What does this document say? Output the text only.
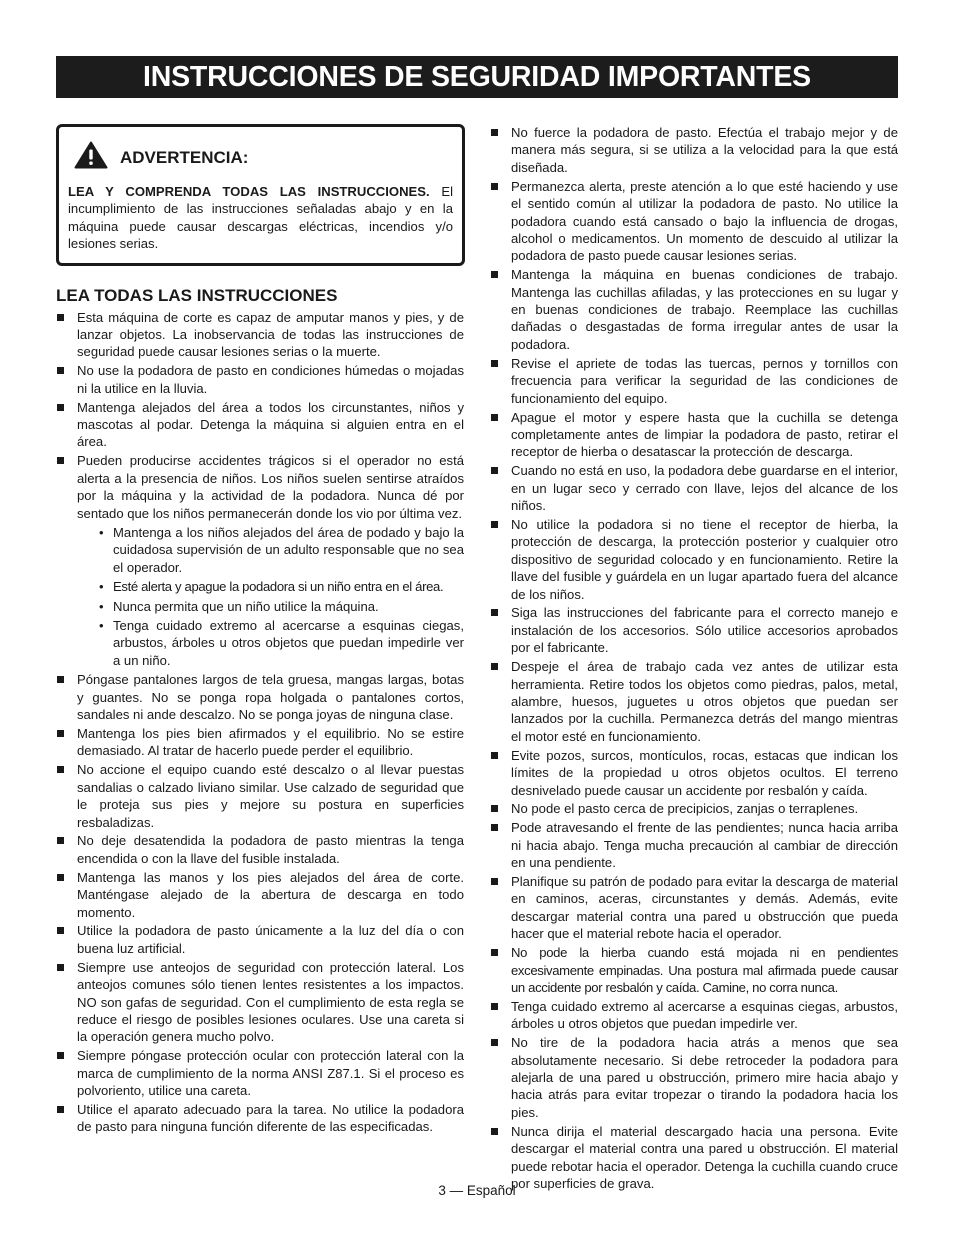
INSTRUCCIONES DE SEGURIDAD IMPORTANTES
ADVERTENCIA:
LEA Y COMPRENDA TODAS LAS INSTRUCCIONES. El incumplimiento de las instrucciones señaladas abajo y en la máquina puede causar descargas eléctricas, incendios y/o lesiones serias.
LEA TODAS LAS INSTRUCCIONES
Esta máquina de corte es capaz de amputar manos y pies, y de lanzar objetos. La inobservancia de todas las instrucciones de seguridad puede causar lesiones serias o la muerte.
No use la podadora de pasto en condiciones húmedas o mojadas ni la utilice en la lluvia.
Mantenga alejados del área a todos los circunstantes, niños y mascotas al podar. Detenga la máquina si alguien entra en el área.
Pueden producirse accidentes trágicos si el operador no está alerta a la presencia de niños. Los niños suelen sentirse atraídos por la máquina y la actividad de la podadora. Nunca dé por sentado que los niños permanecerán donde los vio por última vez.
• Mantenga a los niños alejados del área de podado y bajo la cuidadosa supervisión de un adulto responsable que no sea el operador.
• Esté alerta y apague la podadora si un niño entra en el área.
• Nunca permita que un niño utilice la máquina.
• Tenga cuidado extremo al acercarse a esquinas ciegas, arbustos, árboles u otros objetos que puedan impedirle ver a un niño.
Póngase pantalones largos de tela gruesa, mangas largas, botas y guantes. No se ponga ropa holgada o pantalones cortos, sandales ni ande descalzo. No se ponga joyas de ninguna clase.
Mantenga los pies bien afirmados y el equilibrio. No se estire demasiado. Al tratar de hacerlo puede perder el equilibrio.
No accione el equipo cuando esté descalzo o al llevar puestas sandalias o calzado liviano similar. Use calzado de seguridad que le proteja sus pies y mejore su postura en superficies resbaladizas.
No deje desatendida la podadora de pasto mientras la tenga encendida o con la llave del fusible instalada.
Mantenga las manos y los pies alejados del área de corte. Manténgase alejado de la abertura de descarga en todo momento.
Utilice la podadora de pasto únicamente a la luz del día o con buena luz artificial.
Siempre use anteojos de seguridad con protección lateral. Los anteojos comunes sólo tienen lentes resistentes a los impactos. NO son gafas de seguridad. Con el cumplimiento de esta regla se reduce el riesgo de posibles lesiones oculares. Use una careta si la operación genera mucho polvo.
Siempre póngase protección ocular con protección lateral con la marca de cumplimiento de la norma ANSI Z87.1. Si el proceso es polvoriento, utilice una careta.
Utilice el aparato adecuado para la tarea. No utilice la podadora de pasto para ninguna función diferente de las especificadas.
No fuerce la podadora de pasto. Efectúa el trabajo mejor y de manera más segura, si se utiliza a la velocidad para la que está diseñada.
Permanezca alerta, preste atención a lo que esté haciendo y use el sentido común al utilizar la podadora de pasto. No utilice la podadora cuando está cansado o bajo la influencia de drogas, alcohol o medicamentos. Un momento de descuido al utilizar la podadora de pasto puede causar lesiones serias.
Mantenga la máquina en buenas condiciones de trabajo. Mantenga las cuchillas afiladas, y las protecciones en su lugar y en buenas condiciones de trabajo. Reemplace las cuchillas dañadas o desgastadas de forma irregular antes de usar la podadora.
Revise el apriete de todas las tuercas, pernos y tornillos con frecuencia para verificar la seguridad de las condiciones de funcionamiento del equipo.
Apague el motor y espere hasta que la cuchilla se detenga completamente antes de limpiar la podadora de pasto, retirar el receptor de hierba o desatascar la protección de descarga.
Cuando no está en uso, la podadora debe guardarse en el interior, en un lugar seco y cerrado con llave, lejos del alcance de los niños.
No utilice la podadora si no tiene el receptor de hierba, la protección de descarga, la protección posterior y cualquier otro dispositivo de seguridad colocado y en funcionamiento. Retire la llave del fusible y guárdela en un lugar apartado fuera del alcance de los niños.
Siga las instrucciones del fabricante para el correcto manejo e instalación de los accesorios. Sólo utilice accesorios aprobados por el fabricante.
Despeje el área de trabajo cada vez antes de utilizar esta herramienta. Retire todos los objetos como piedras, palos, metal, alambre, huesos, juguetes u otros objetos que puedan ser lanzados por la cuchilla. Permanezca detrás del mango mientras el motor esté en funcionamiento.
Evite pozos, surcos, montículos, rocas, estacas que indican los límites de la propiedad u otros objetos ocultos. El terreno desnivelado puede causar un accidente por resbalón y caída.
No pode el pasto cerca de precipicios, zanjas o terraplenes.
Pode atravesando el frente de las pendientes; nunca hacia arriba ni hacia abajo. Tenga mucha precaución al cambiar de dirección en una pendiente.
Planifique su patrón de podado para evitar la descarga de material en caminos, aceras, circunstantes y demás. Además, evite descargar material contra una pared u obstrucción que pueda hacer que el material rebote hacia el operador.
No pode la hierba cuando está mojada ni en pendientes excesivamente empinadas. Una postura mal afirmada puede causar un accidente por resbalón y caída. Camine, no corra nunca.
Tenga cuidado extremo al acercarse a esquinas ciegas, arbustos, árboles u otros objetos que puedan impedirle ver.
No tire de la podadora hacia atrás a menos que sea absolutamente necesario. Si debe retroceder la podadora para alejarla de una pared u obstrucción, primero mire hacia abajo y hacia atrás para evitar tropezar o tirando la podadora hacia los pies.
Nunca dirija el material descargado hacia una persona. Evite descargar el material contra una pared u obstrucción. El material puede rebotar hacia el operador. Detenga la cuchilla cuando cruce por superficies de grava.
3 — Español
